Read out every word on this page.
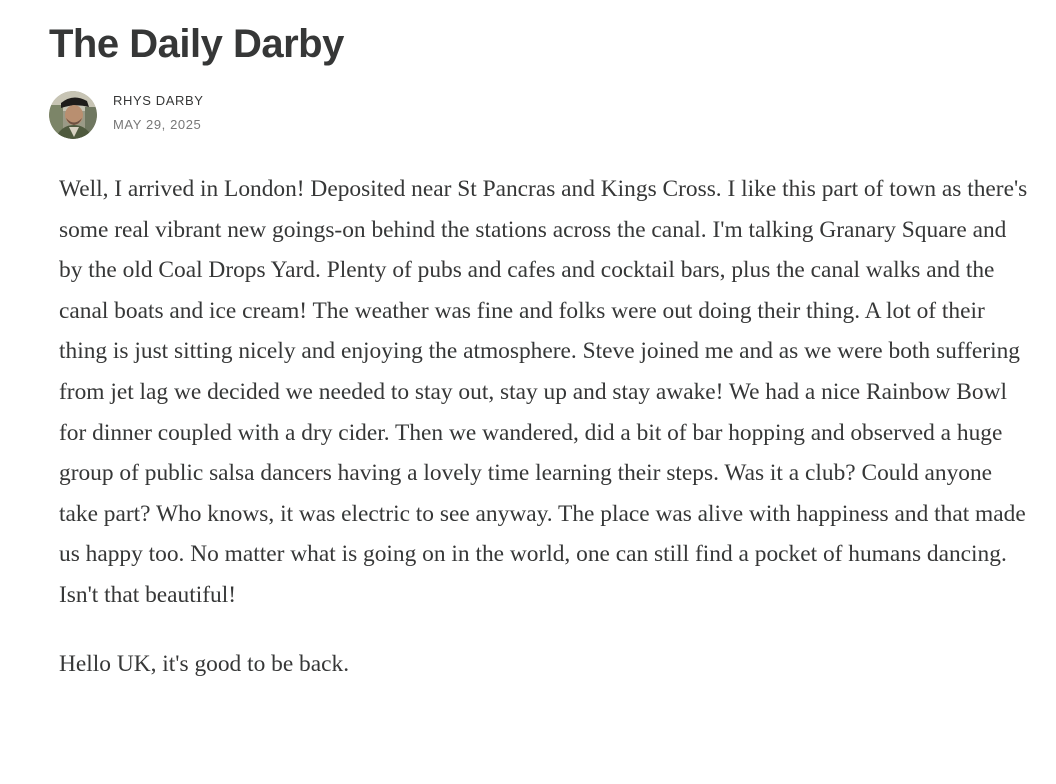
The Daily Darby
RHYS DARBY
MAY 29, 2025

Well, I arrived in London! Deposited near St Pancras and Kings Cross. I like this part of town as there's some real vibrant new goings-on behind the stations across the canal. I'm talking Granary Square and by the old Coal Drops Yard. Plenty of pubs and cafes and cocktail bars, plus the canal walks and the canal boats and ice cream! The weather was fine and folks were out doing their thing. A lot of their thing is just sitting nicely and enjoying the atmosphere. Steve joined me and as we were both suffering from jet lag we decided we needed to stay out, stay up and stay awake! We had a nice Rainbow Bowl for dinner coupled with a dry cider. Then we wandered, did a bit of bar hopping and observed a huge group of public salsa dancers having a lovely time learning their steps. Was it a club? Could anyone take part? Who knows, it was electric to see anyway. The place was alive with happiness and that made us happy too. No matter what is going on in the world, one can still find a pocket of humans dancing. Isn't that beautiful!

Hello UK, it's good to be back.
